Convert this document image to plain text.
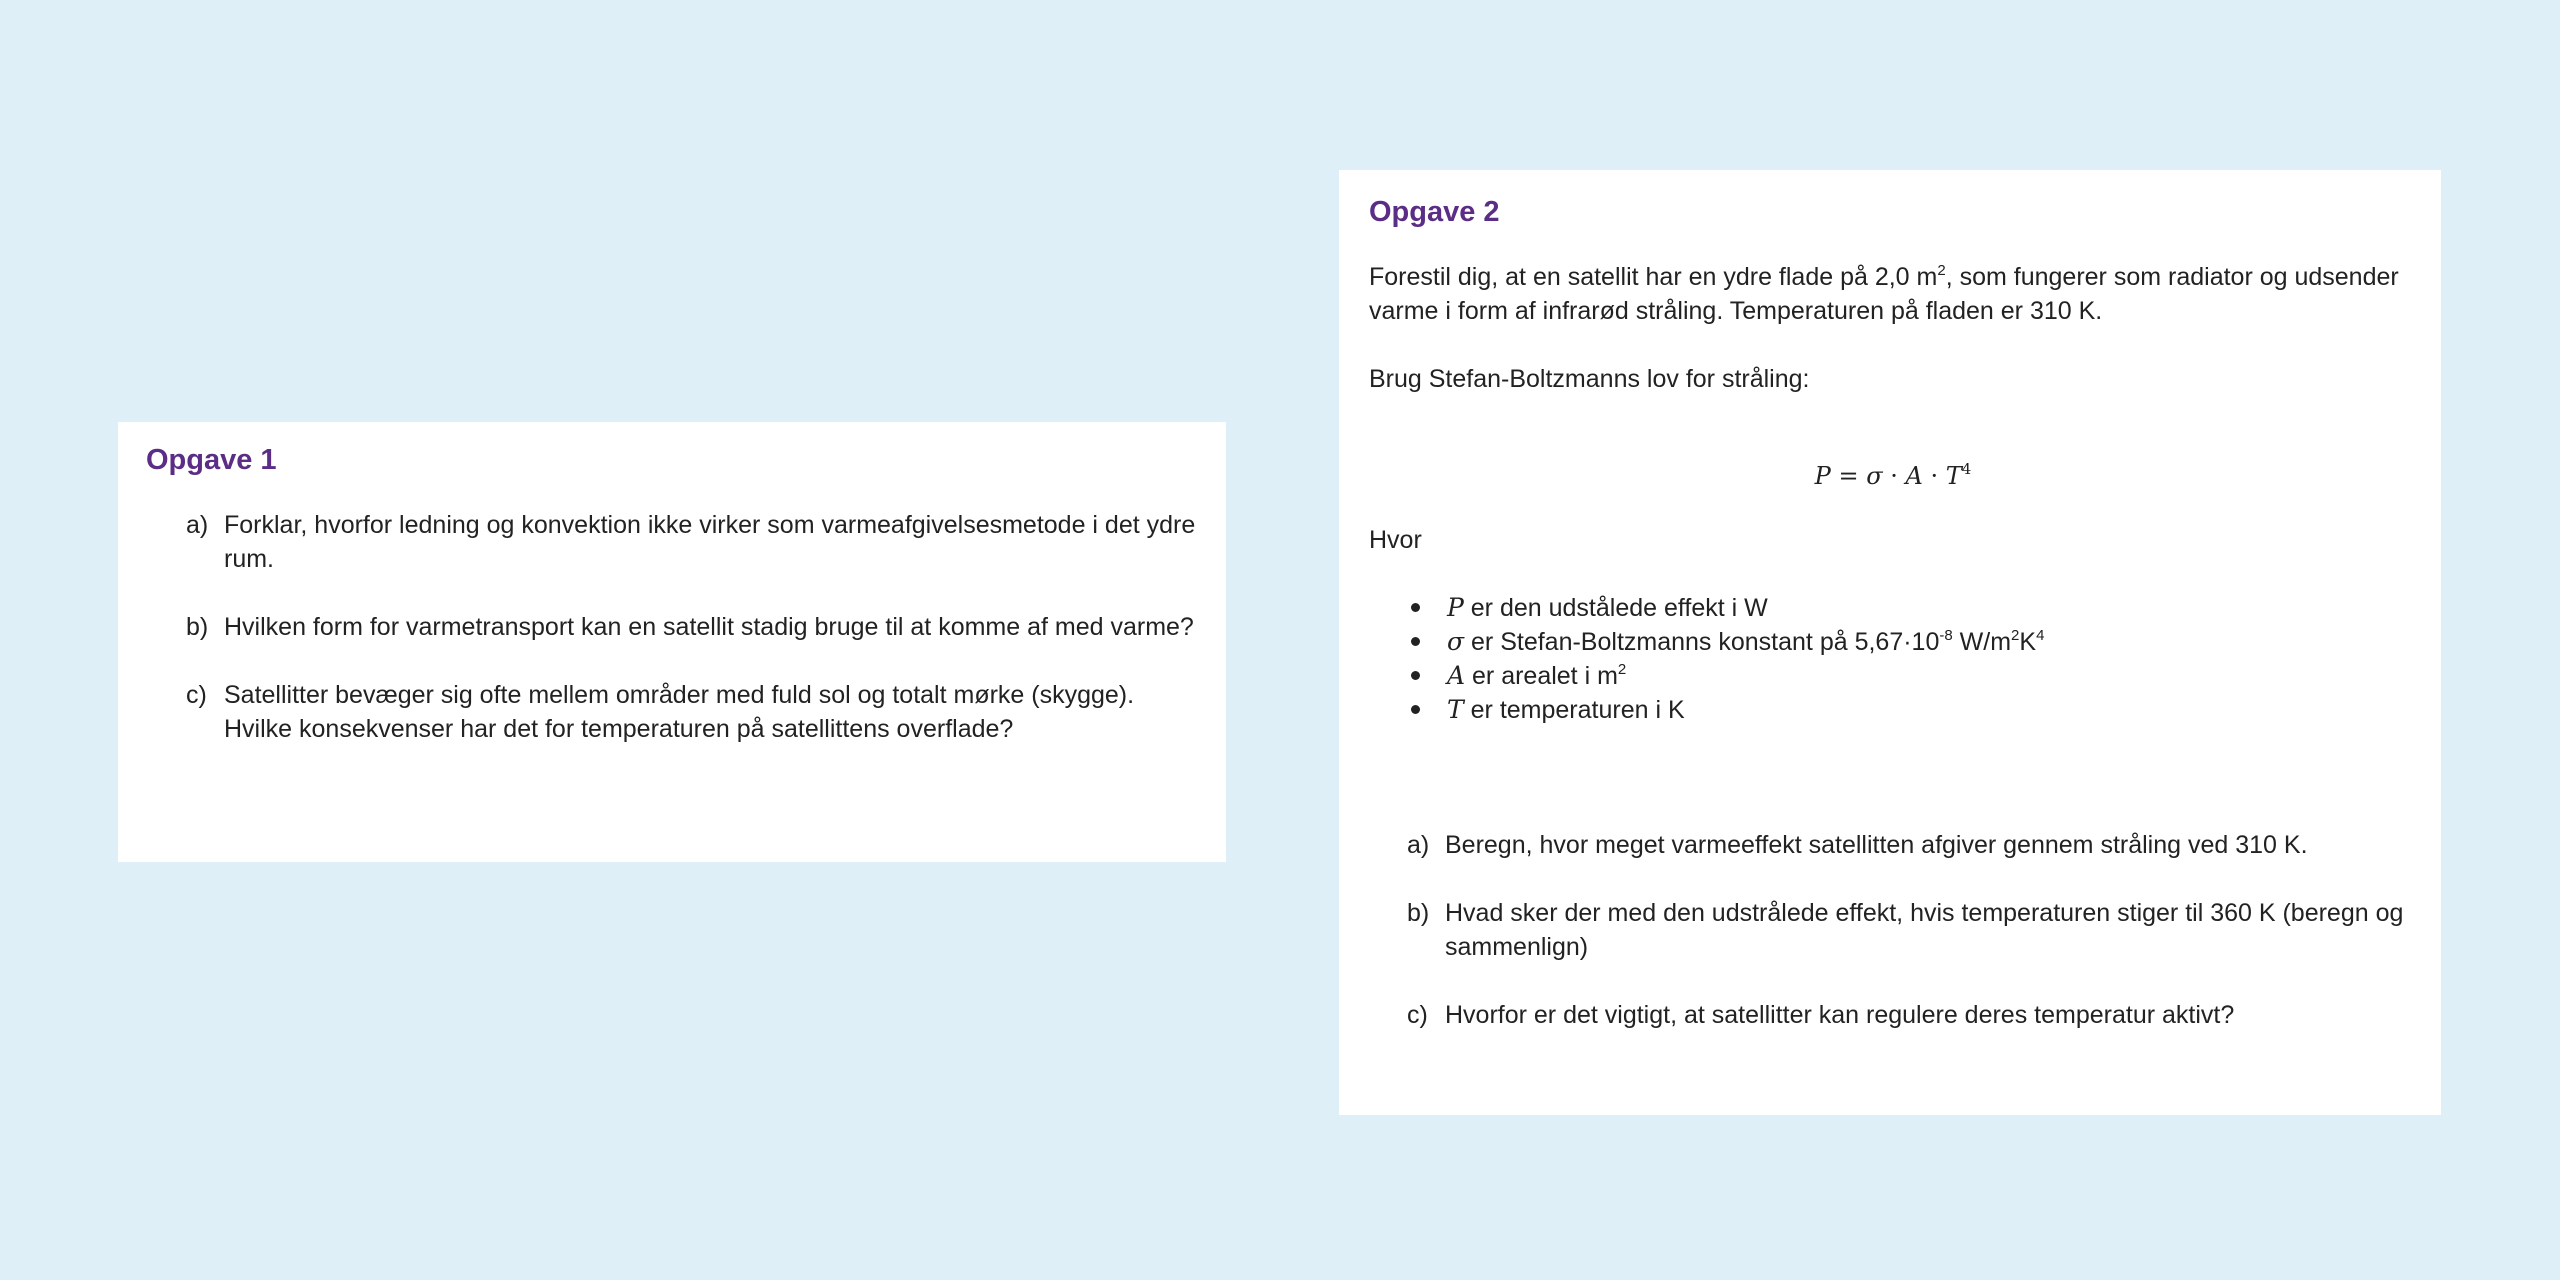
Opgave 1
a) Forklar, hvorfor ledning og konvektion ikke virker som varmeafgivelsesmetode i det ydre rum.
b) Hvilken form for varmetransport kan en satellit stadig bruge til at komme af med varme?
c) Satellitter bevæger sig ofte mellem områder med fuld sol og totalt mørke (skygge). Hvilke konsekvenser har det for temperaturen på satellittens overflade?
Opgave 2

Forestil dig, at en satellit har en ydre flade på 2,0 $m^2$, som fungerer som radiator og udsender varme i form af infrarød stråling. Temperaturen på fladen er 310 K.

Brug Stefan-Boltzmanns lov for stråling:

$P = \sigma \cdot A \cdot T^4$

Hvor

P er den udstålede effekt i W
σ er Stefan-Boltzmanns konstant på $5,67\cdot 10^{-8}$ $W/m^2K^4$
A er arealet i $m^2$
T er temperaturen i K
a) Beregn, hvor meget varmeeffekt satellitten afgiver gennem stråling ved 310 K.
b) Hvad sker der med den udstrålede effekt, hvis temperaturen stiger til 360 K (beregn og sammenlign)
c) Hvorfor er det vigtigt, at satellitter kan regulere deres temperatur aktivt?
